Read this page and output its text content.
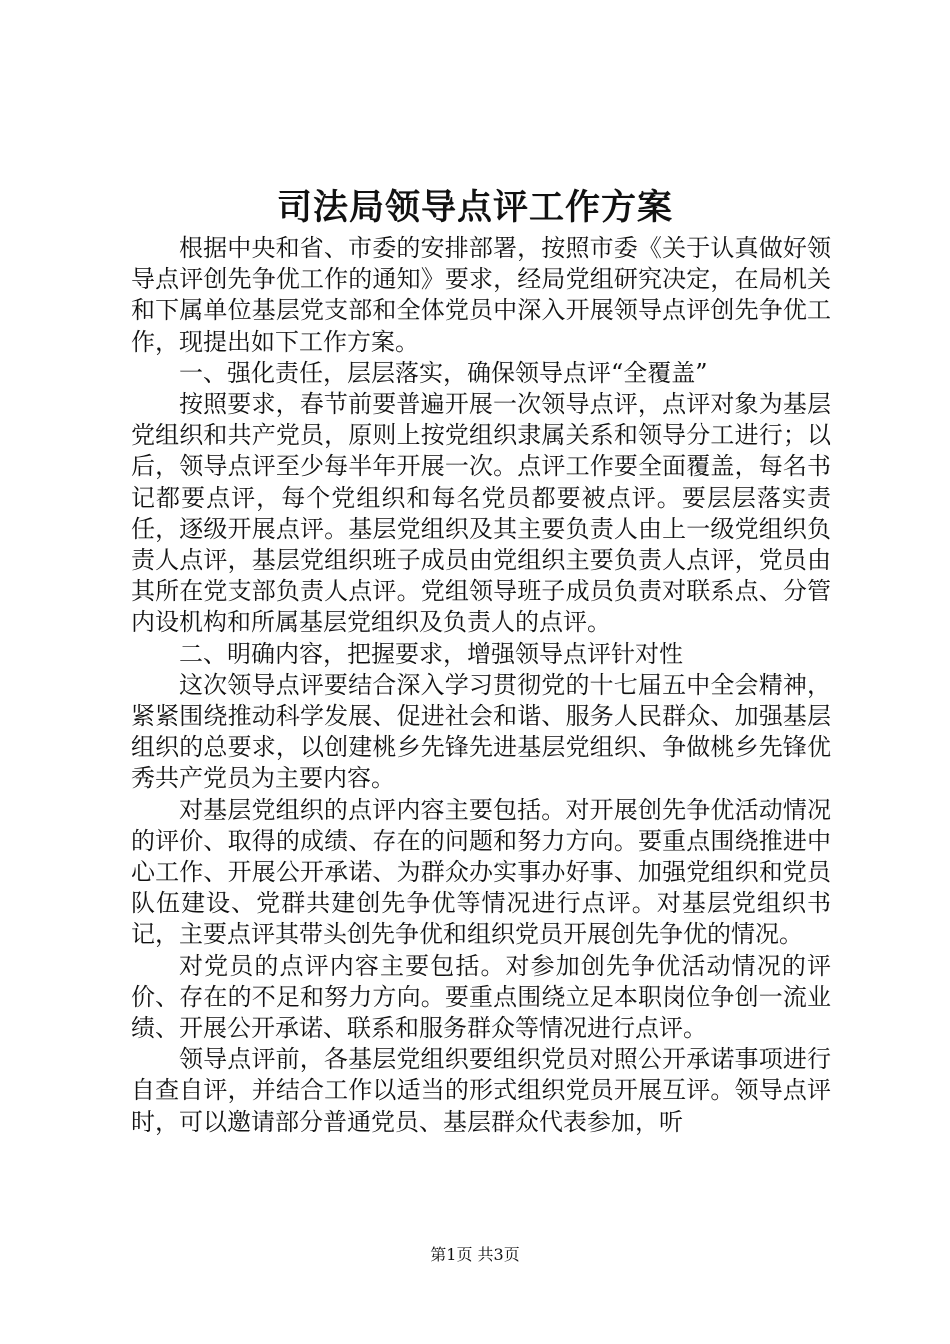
司法局领导点评工作方案

根据中央和省、市委的安排部署，按照市委《关于认真做好领导点评创先争优工作的通知》要求，经局党组研究决定，在局机关和下属单位基层党支部和全体党员中深入开展领导点评创先争优工作，现提出如下工作方案。

一、强化责任，层层落实，确保领导点评“全覆盖”

按照要求，春节前要普遍开展一次领导点评，点评对象为基层党组织和共产党员，原则上按党组织隶属关系和领导分工进行；以后，领导点评至少每半年开展一次。点评工作要全面覆盖，每名书记都要点评，每个党组织和每名党员都要被点评。要层层落实责任，逐级开展点评。基层党组织及其主要负责人由上一级党组织负责人点评，基层党组织班子成员由党组织主要负责人点评，党员由其所在党支部负责人点评。党组领导班子成员负责对联系点、分管内设机构和所属基层党组织及负责人的点评。

二、明确内容，把握要求，增强领导点评针对性

这次领导点评要结合深入学习贯彻党的十七届五中全会精神，紧紧围绕推动科学发展、促进社会和谐、服务人民群众、加强基层组织的总要求，以创建桃乡先锋先进基层党组织、争做桃乡先锋优秀共产党员为主要内容。

对基层党组织的点评内容主要包括。对开展创先争优活动情况的评价、取得的成绩、存在的问题和努力方向。要重点围绕推进中心工作、开展公开承诺、为群众办实事办好事、加强党组织和党员队伍建设、党群共建创先争优等情况进行点评。对基层党组织书记，主要点评其带头创先争优和组织党员开展创先争优的情况。

对党员的点评内容主要包括。对参加创先争优活动情况的评价、存在的不足和努力方向。要重点围绕立足本职岗位争创一流业绩、开展公开承诺、联系和服务群众等情况进行点评。

领导点评前，各基层党组织要组织党员对照公开承诺事项进行自查自评，并结合工作以适当的形式组织党员开展互评。领导点评时，可以邀请部分普通党员、基层群众代表参加，听

第1页 共3页
